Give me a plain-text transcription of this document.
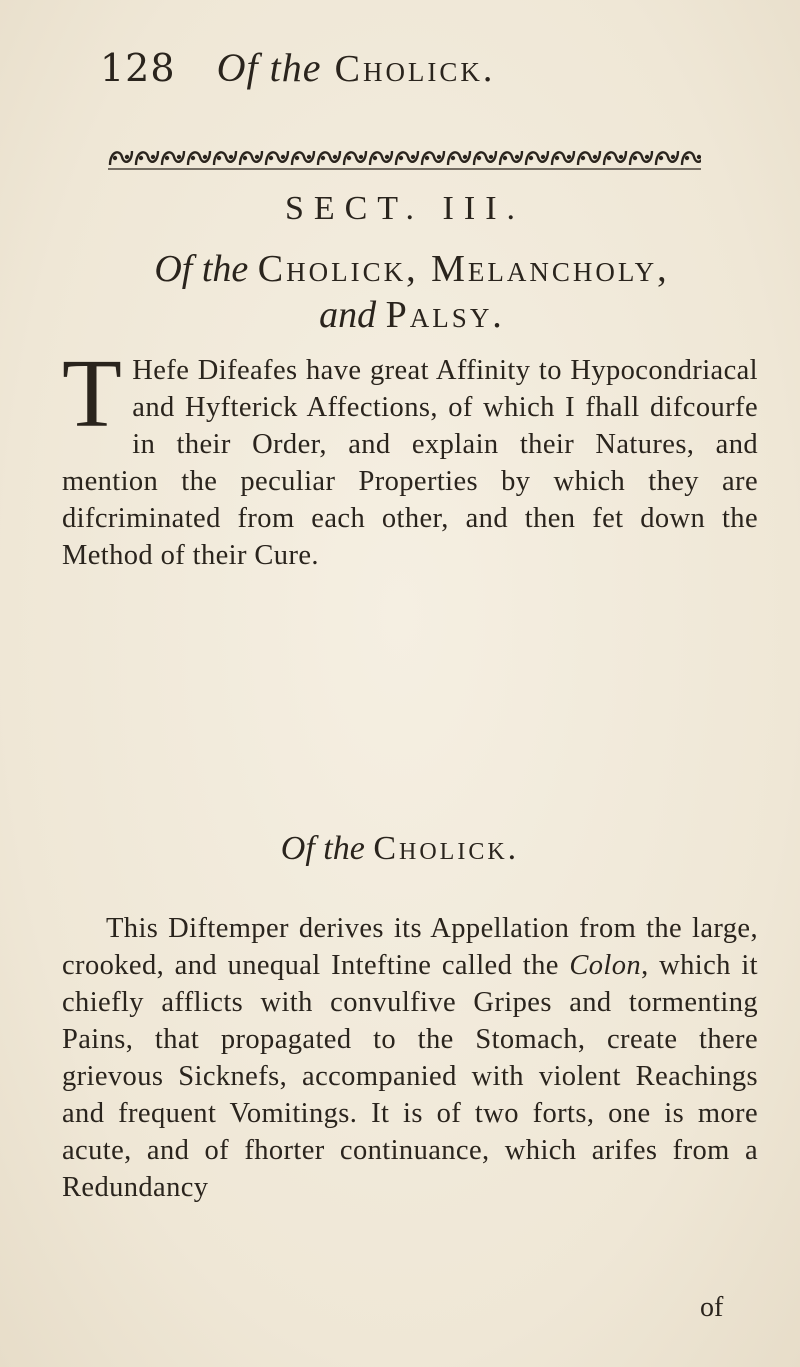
128 Of the Cholick.
SECT. III.
Of the Cholick, Melancholy,
and Palsy.
T Hefe Difeafes have great Affinity to Hypocondriacal and Hyfterick Affections, of which I fhall difcourfe in their Order, and explain their Natures, and mention the peculiar Properties by which they are difcriminated from each other, and then fet down the Method of their Cure.
Of the Cholick.
This Diftemper derives its Appellation from the large, crooked, and unequal Inteftine called the Colon, which it chiefly afflicts with convulfive Gripes and tormenting Pains, that propagated to the Stomach, create there grievous Sicknefs, accompanied with violent Reachings and frequent Vomitings. It is of two forts, one is more acute, and of fhorter continuance, which arifes from a Redundancy
of
